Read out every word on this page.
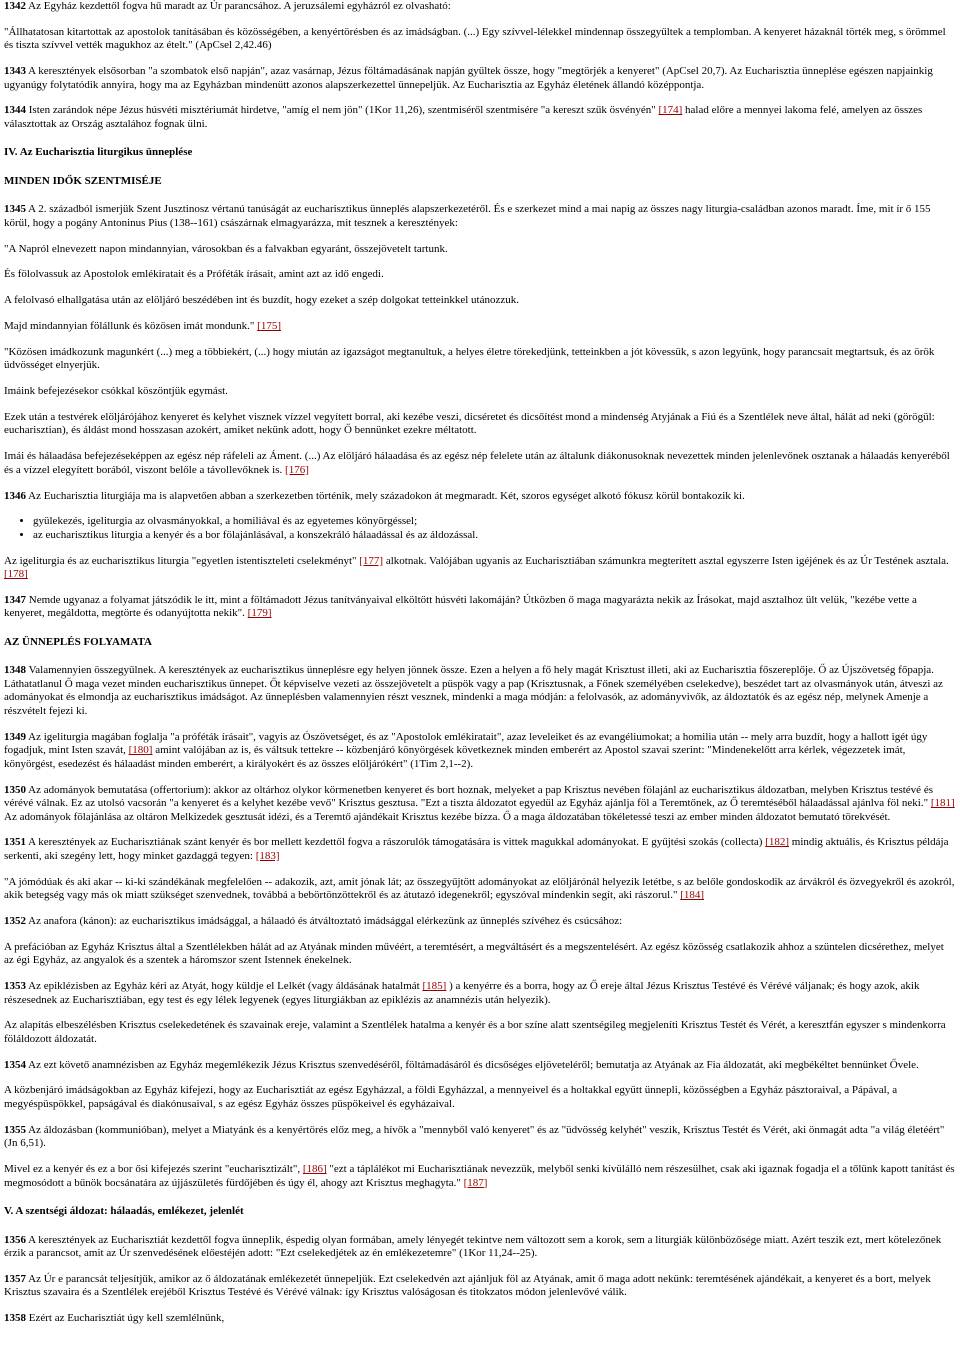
1342 Az Egyház kezdettől fogva hű maradt az Úr parancsához. A jeruzsálemi egyházról ez olvasható:

"Állhatatosan kitartottak az apostolok tanításában és közösségében, a kenyértörésben és az imádságban. (...) Egy szívvel-lélekkel mindennap összegyűltek a templomban. A kenyeret házaknál törték meg, s örömmel és tiszta szívvel vették magukhoz az ételt." (ApCsel 2,42.46)

1343 A keresztények elsősorban "a szombatok első napján", azaz vasárnap, Jézus föltámadásának napján gyűltek össze, hogy "megtörjék a kenyeret" (ApCsel 20,7). Az Eucharisztia ünneplése egészen napjainkig ugyanúgy folytatódik annyira, hogy ma az Egyházban mindenütt azonos alapszerkezettel ünnepeljük. Az Eucharisztia az Egyház életének állandó középpontja.

1344 Isten zarándok népe Jézus húsvéti misztériumát hirdetve, "amíg el nem jön" (1Kor 11,26), szentmiséről szentmisére "a kereszt szűk ösvényén" [174] halad előre a mennyei lakoma felé, amelyen az összes választottak az Ország asztalához fognak ülni.

IV. Az Eucharisztia liturgikus ünneplése
MINDEN IDŐK SZENTMISÉJE

1345 A 2. századból ismerjük Szent Jusztinosz vértanú tanúságát az eucharisztikus ünneplés alapszerkezetéről. És e szerkezet mind a mai napig az összes nagy liturgia-családban azonos maradt. Íme, mit ír ő 155 körül, hogy a pogány Antoninus Pius (138--161) császárnak elmagyarázza, mit tesznek a keresztények:

"A Napról elnevezett napon mindannyian, városokban és a falvakban egyaránt, összejövetelt tartunk.

És fölolvassuk az Apostolok emlékiratait és a Próféták írásait, amint azt az idő engedi.

A felolvasó elhallgatása után az elöljáró beszédében int és buzdít, hogy ezeket a szép dolgokat tetteinkkel utánozzuk.

Majd mindannyian fölállunk és közösen imát mondunk." [175]

"Közösen imádkozunk magunkért (...) meg a többiekért, (...) hogy miután az igazságot megtanultuk, a helyes életre törekedjünk, tetteinkben a jót kövessük, s azon legyünk, hogy parancsait megtartsuk, és az örök üdvösséget elnyerjük.

Imáink befejezésekor csókkal köszöntjük egymást.

Ezek után a testvérek elöljárójához kenyeret és kelyhet visznek vízzel vegyített borral, aki kezébe veszi, dicséretet és dicsőítést mond a mindenség Atyjának a Fiú és a Szentlélek neve által, hálát ad neki (görögül: eucharisztian), és áldást mond hosszasan azokért, amiket nekünk adott, hogy Ő bennünket ezekre méltatott.

Imái és hálaadása befejezéseképpen az egész nép ráfeleli az Áment. (...) Az elöljáró hálaadása és az egész nép felelete után az általunk diákonusoknak nevezettek minden jelenlevőnek osztanak a hálaadás kenyeréből és a vízzel elegyített borából, viszont belőle a távollevőknek is. [176]

1346 Az Eucharisztia liturgiája ma is alapvetően abban a szerkezetben történik, mely századokon át megmaradt. Két, szoros egységet alkotó fókusz körül bontakozik ki.

• gyülekezés, igeliturgia az olvasmányokkal, a homiliával és az egyetemes könyörgéssel;
• az eucharisztikus liturgia a kenyér és a bor fölajánlásával, a konszekráló hálaadással és az áldozással.

Az igeliturgia és az eucharisztikus liturgia "egyetlen istentiszteleti cselekményt" [177] alkotnak. Valójában ugyanis az Eucharisztiában számunkra megterített asztal egyszerre Isten igéjének és az Úr Testének asztala. [178]

1347 Nemde ugyanaz a folyamat játszódik le itt, mint a föltámadott Jézus tanítványaival elköltött húsvéti lakomáján? Útközben ő maga magyarázta nekik az Írásokat, majd asztalhoz ült velük, "kezébe vette a kenyeret, megáldotta, megtörte és odanyújtotta nekik". [179]

AZ ÜNNEPLÉS FOLYAMATA

1348 Valamennyien összegyűlnek. A keresztények az eucharisztikus ünneplésre egy helyen jönnek össze. Ezen a helyen a fő hely magát Krisztust illeti, aki az Eucharisztia főszereplője. Ő az Újszövetség főpapja. Láthatatlanul Ő maga vezet minden eucharisztikus ünnepet. Őt képviselve vezeti az összejövetelt a püspök vagy a pap (Krisztusnak, a Főnek személyében cselekedve), beszédet tart az olvasmányok után, átveszi az adományokat és elmondja az eucharisztikus imádságot. Az ünneplésben valamennyien részt vesznek, mindenki a maga módján: a felolvasók, az adományvivők, az áldoztatók és az egész nép, melynek Amenje a részvételt fejezi ki.

1349 Az igeliturgia magában foglalja "a próféták írásait", vagyis az Ószövetséget, és az "Apostolok emlékiratait", azaz leveleiket és az evangéliumokat; a homilia után -- mely arra buzdít, hogy a hallott igét úgy fogadjuk, mint Isten szavát, [180] amint valójában az is, és váltsuk tettekre -- közbenjáró könyörgések következnek minden emberért az Apostol szavai szerint: "Mindenekelőtt arra kérlek, végezzetek imát, könyörgést, esedezést és hálaadást minden emberért, a királyokért és az összes elöljárókért" (1Tim 2,1--2).

1350 Az adományok bemutatása (offertorium): akkor az oltárhoz olykor körmenetben kenyeret és bort hoznak, melyeket a pap Krisztus nevében fölajánl az eucharisztikus áldozatban, melyben Krisztus testévé és vérévé válnak. Ez az utolsó vacsorán "a kenyeret és a kelyhet kezébe vevő" Krisztus gesztusa. "Ezt a tiszta áldozatot egyedül az Egyház ajánlja föl a Teremtőnek, az Ő teremtéséből hálaadással ajánlva föl neki." [181] Az adományok fölajánlása az oltáron Melkizedek gesztusát idézi, és a Teremtő ajándékait Krisztus kezébe bízza. Ő a maga áldozatában tökéletessé teszi az ember minden áldozatot bemutató törekvését.

1351 A keresztények az Eucharisztiának szánt kenyér és bor mellett kezdettől fogva a rászorulók támogatására is vittek magukkal adományokat. E gyűjtési szokás (collecta) [182] mindig aktuális, és Krisztus példája serkenti, aki szegény lett, hogy minket gazdaggá tegyen: [183]

"A jómódúak és aki akar -- ki-ki szándékának megfelelően -- adakozik, azt, amit jónak lát; az összegyűjtött adományokat az elöljárónál helyezik letétbe, s az belőle gondoskodik az árvákról és özvegyekről és azokról, akik betegség vagy más ok miatt szükséget szenvednek, továbbá a bebörtönzöttekről és az átutazó idegenekről; egyszóval mindenkin segít, aki rászorul." [184]

1352 Az anafora (kánon): az eucharisztikus imádsággal, a hálaadó és átváltoztató imádsággal elérkezünk az ünneplés szívéhez és csúcsához:

A prefációban az Egyház Krisztus által a Szentlélekben hálát ad az Atyának minden művéért, a teremtésért, a megváltásért és a megszentelésért. Az egész közösség csatlakozik ahhoz a szüntelen dicsérethez, melyet az égi Egyház, az angyalok és a szentek a háromszor szent Istennek énekelnek.

1353 Az epiklézisben az Egyház kéri az Atyát, hogy küldje el Lelkét (vagy áldásának hatalmát [185] ) a kenyérre és a borra, hogy az Ő ereje által Jézus Krisztus Testévé és Vérévé váljanak; és hogy azok, akik részesednek az Eucharisztiában, egy test és egy lélek legyenek (egyes liturgiákban az epiklézis az anamnézis után helyezik).

Az alapítás elbeszélésben Krisztus cselekedetének és szavainak ereje, valamint a Szentlélek hatalma a kenyér és a bor színe alatt szentségileg megjeleníti Krisztus Testét és Vérét, a keresztfán egyszer s mindenkorra föláldozott áldozatát.

1354 Az ezt követő anamnézisben az Egyház megemlékezik Jézus Krisztus szenvedéséről, föltámadásáról és dicsőséges eljöveteléről; bemutatja az Atyának az Fia áldozatát, aki megbékéltet bennünket Ővele.

A közbenjáró imádságokban az Egyház kifejezi, hogy az Eucharisztiát az egész Egyházzal, a földi Egyházzal, a mennyeivel és a holtakkal együtt ünnepli, közösségben a Egyház pásztoraival, a Pápával, a megyéspüspökkel, papságával és diakónusaival, s az egész Egyház összes püspökeivel és egyházaival.

1355 Az áldozásban (kommunióban), melyet a Miatyánk és a kenyértörés előz meg, a hívők a "mennyből való kenyeret" és az "üdvösség kelyhét" veszik, Krisztus Testét és Vérét, aki önmagát adta "a világ életéért" (Jn 6,51).

Mivel ez a kenyér és ez a bor ősi kifejezés szerint "eucharisztizált", [186] "ezt a táplálékot mi Eucharisztiának nevezzük, melyből senki kívülálló nem részesülhet, csak aki igaznak fogadja el a tőlünk kapott tanítást és megmosódott a bűnök bocsánatára az újjászületés fürdőjében és úgy él, ahogy azt Krisztus meghagyta." [187]

V. A szentségi áldozat: hálaadás, emlékezet, jelenlét

1356 A keresztények az Eucharisztiát kezdettől fogva ünneplik, éspedig olyan formában, amely lényegét tekintve nem változott sem a korok, sem a liturgiák különbözősége miatt. Azért teszik ezt, mert kötelezőnek érzik a parancsot, amit az Úr szenvedésének előestéjén adott: "Ezt cselekedjétek az én emlékezetemre" (1Kor 11,24--25).

1357 Az Úr e parancsát teljesítjük, amikor az ő áldozatának emlékezetét ünnepeljük. Ezt cselekedvén azt ajánljuk föl az Atyának, amit ő maga adott nekünk: teremtésének ajándékait, a kenyeret és a bort, melyek Krisztus szavaira és a Szentlélek erejéből Krisztus Testévé és Vérévé válnak: így Krisztus valóságosan és titokzatos módon jelenlevővé válik.

1358 Ezért az Eucharisztiát úgy kell szemlélnünk,
